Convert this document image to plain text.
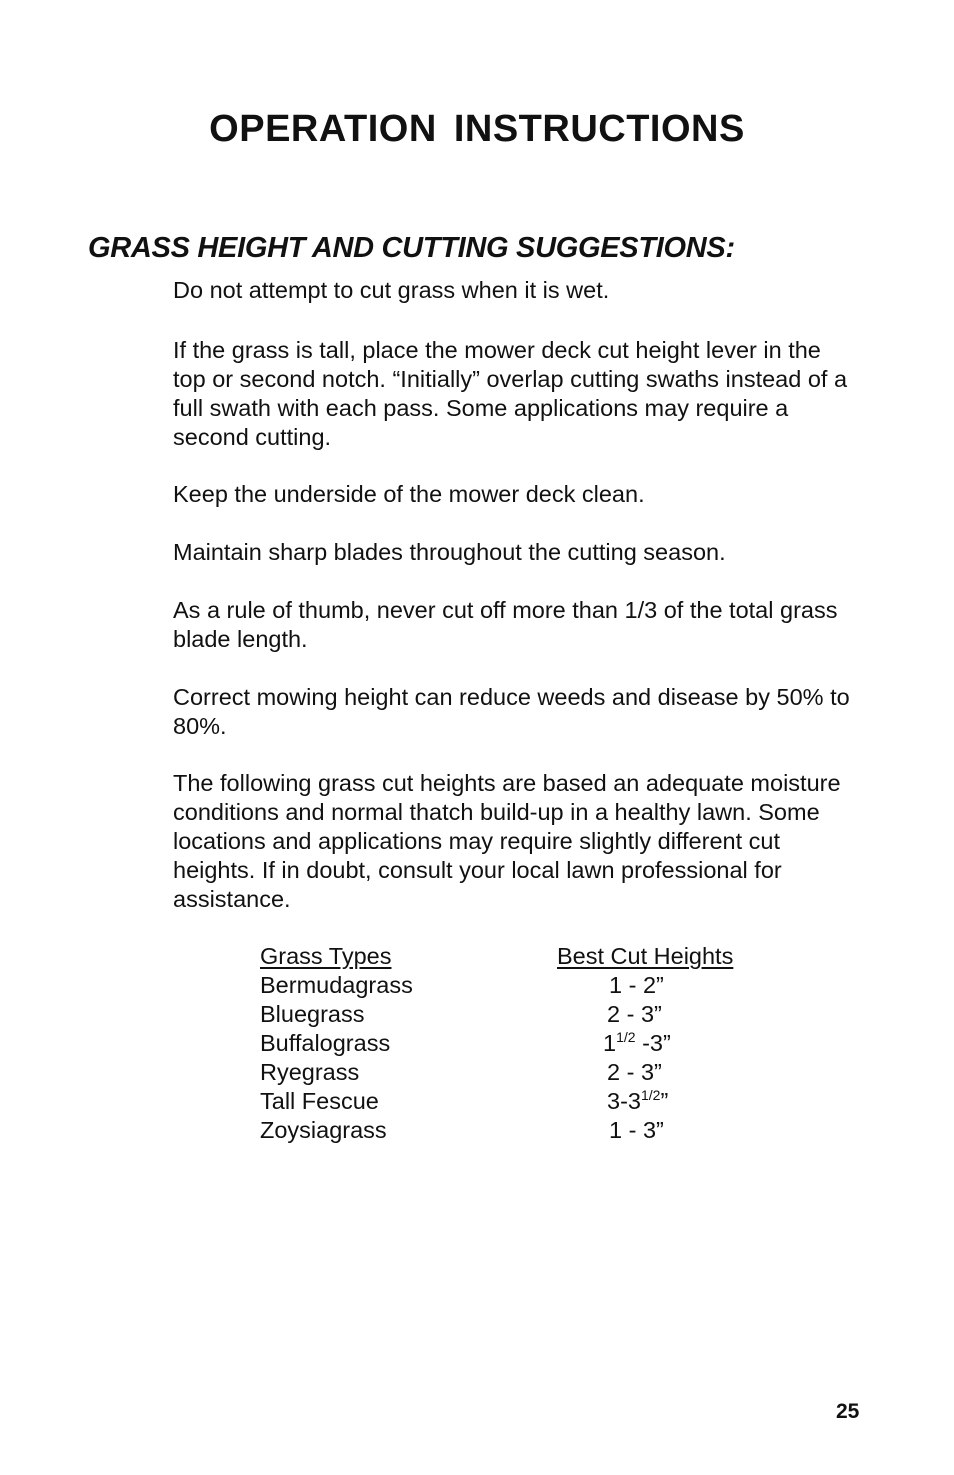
OPERATION INSTRUCTIONS
GRASS HEIGHT AND CUTTING SUGGESTIONS:
Do not attempt to cut grass when it is wet.
If the grass is tall, place the mower deck cut height lever in the top or second notch. “Initially” overlap cutting swaths instead of a full swath with each pass. Some applications may require a second cutting.
Keep the underside of the mower deck clean.
Maintain sharp blades throughout the cutting season.
As a rule of thumb, never cut off more than 1/3 of the total grass blade length.
Correct mowing height can reduce weeds and disease by 50% to 80%.
The following grass cut heights are based an adequate moisture conditions and normal thatch build-up in a healthy lawn. Some locations and applications may require slightly different cut heights. If in doubt, consult your local lawn professional for assistance.
Grass Types	Best Cut Heights
Bermudagrass	1 - 2”
Bluegrass	2 - 3”
Buffalograss	$1^{1/2}$ -3”
Ryegrass	2 - 3”
Tall Fescue	$3-3^{1/2}$”
Zoysiagrass	1 - 3”
25
